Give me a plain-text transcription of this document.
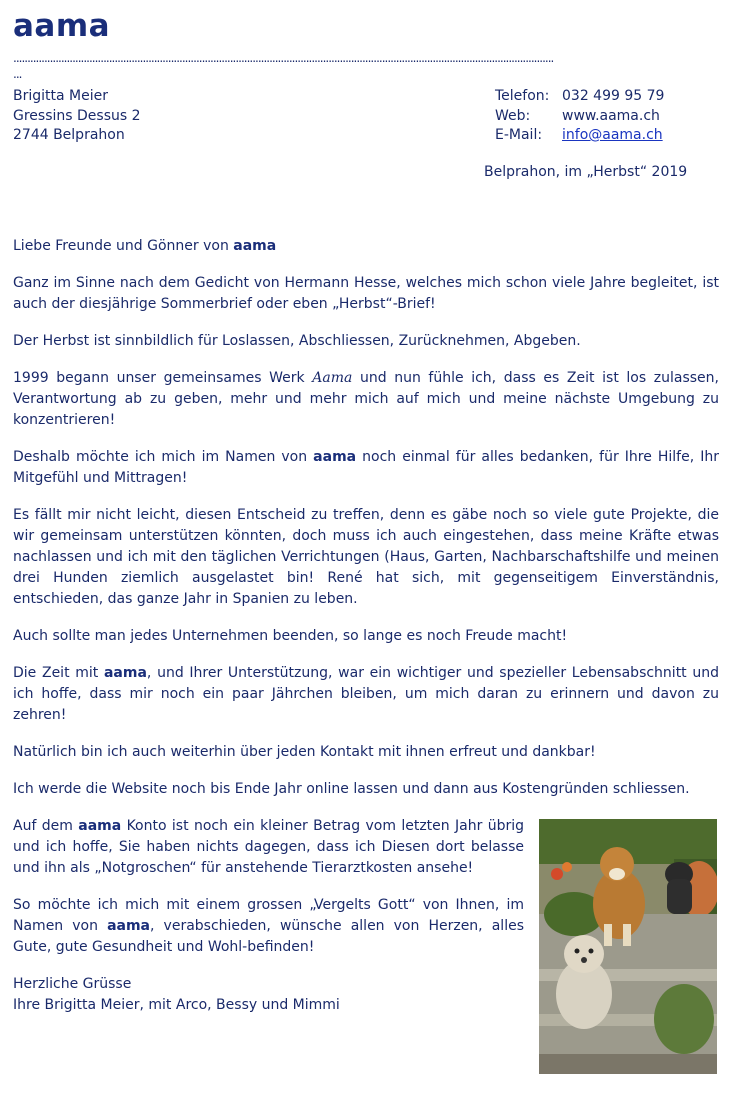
aama
................................................................................................................................................................................................
...
Brigitta Meier
Gressins Dessus 2
2744 Belprahon
Telefon: 032 499 95 79
Web:	www.aama.ch
E-Mail:	info@aama.ch
Belprahon, im „Herbst“ 2019

Liebe Freunde und Gönner von aama

Ganz im Sinne nach dem Gedicht von Hermann Hesse, welches mich schon viele Jahre begleitet, ist auch der diesjährige Sommerbrief oder eben „Herbst“-Brief!

Der Herbst ist sinnbildlich für Loslassen, Abschliessen, Zurücknehmen, Abgeben.

1999 begann unser gemeinsames Werk Aama und nun fühle ich, dass es Zeit ist los zulassen, Verantwortung ab zu geben, mehr und mehr mich auf mich und meine nächste Umgebung zu konzentrieren!

Deshalb möchte ich mich im Namen von aama noch einmal für alles bedanken, für Ihre Hilfe, Ihr Mitgefühl und Mittragen!

Es fällt mir nicht leicht, diesen Entscheid zu treffen, denn es gäbe noch so viele gute Projekte, die wir gemeinsam unterstützen könnten, doch muss ich auch eingestehen, dass meine Kräfte etwas nachlassen und ich mit den täglichen Verrichtungen (Haus, Garten, Nachbarschaftshilfe und meinen drei Hunden ziemlich ausgelastet bin! René hat sich, mit gegenseitigem Einverständnis, entschieden, das ganze Jahr in Spanien zu leben.

Auch sollte man jedes Unternehmen beenden, so lange es noch Freude macht!

Die Zeit mit aama, und Ihrer Unterstützung, war ein wichtiger und spezieller Lebensabschnitt und ich hoffe, dass mir noch ein paar Jährchen bleiben, um mich daran zu erinnern und davon zu zehren!

Natürlich bin ich auch weiterhin über jeden Kontakt mit ihnen erfreut und dankbar!

Ich werde die Website noch bis Ende Jahr online lassen und dann aus Kostengründen schliessen.

Auf dem aama Konto ist noch ein kleiner Betrag vom letzten Jahr übrig und ich hoffe, Sie haben nichts dagegen, dass ich Diesen dort belasse und ihn als „Notgroschen“ für anstehende Tierarztkosten ansehe!

So möchte ich mich mit einem grossen „Vergelts Gott“ von Ihnen, im Namen von aama, verabschieden, wünsche allen von Herzen, alles Gute, gute Gesundheit und Wohl-befinden!

Herzliche Grüsse

Ihre Brigitta Meier, mit Arco, Bessy und Mimmi
